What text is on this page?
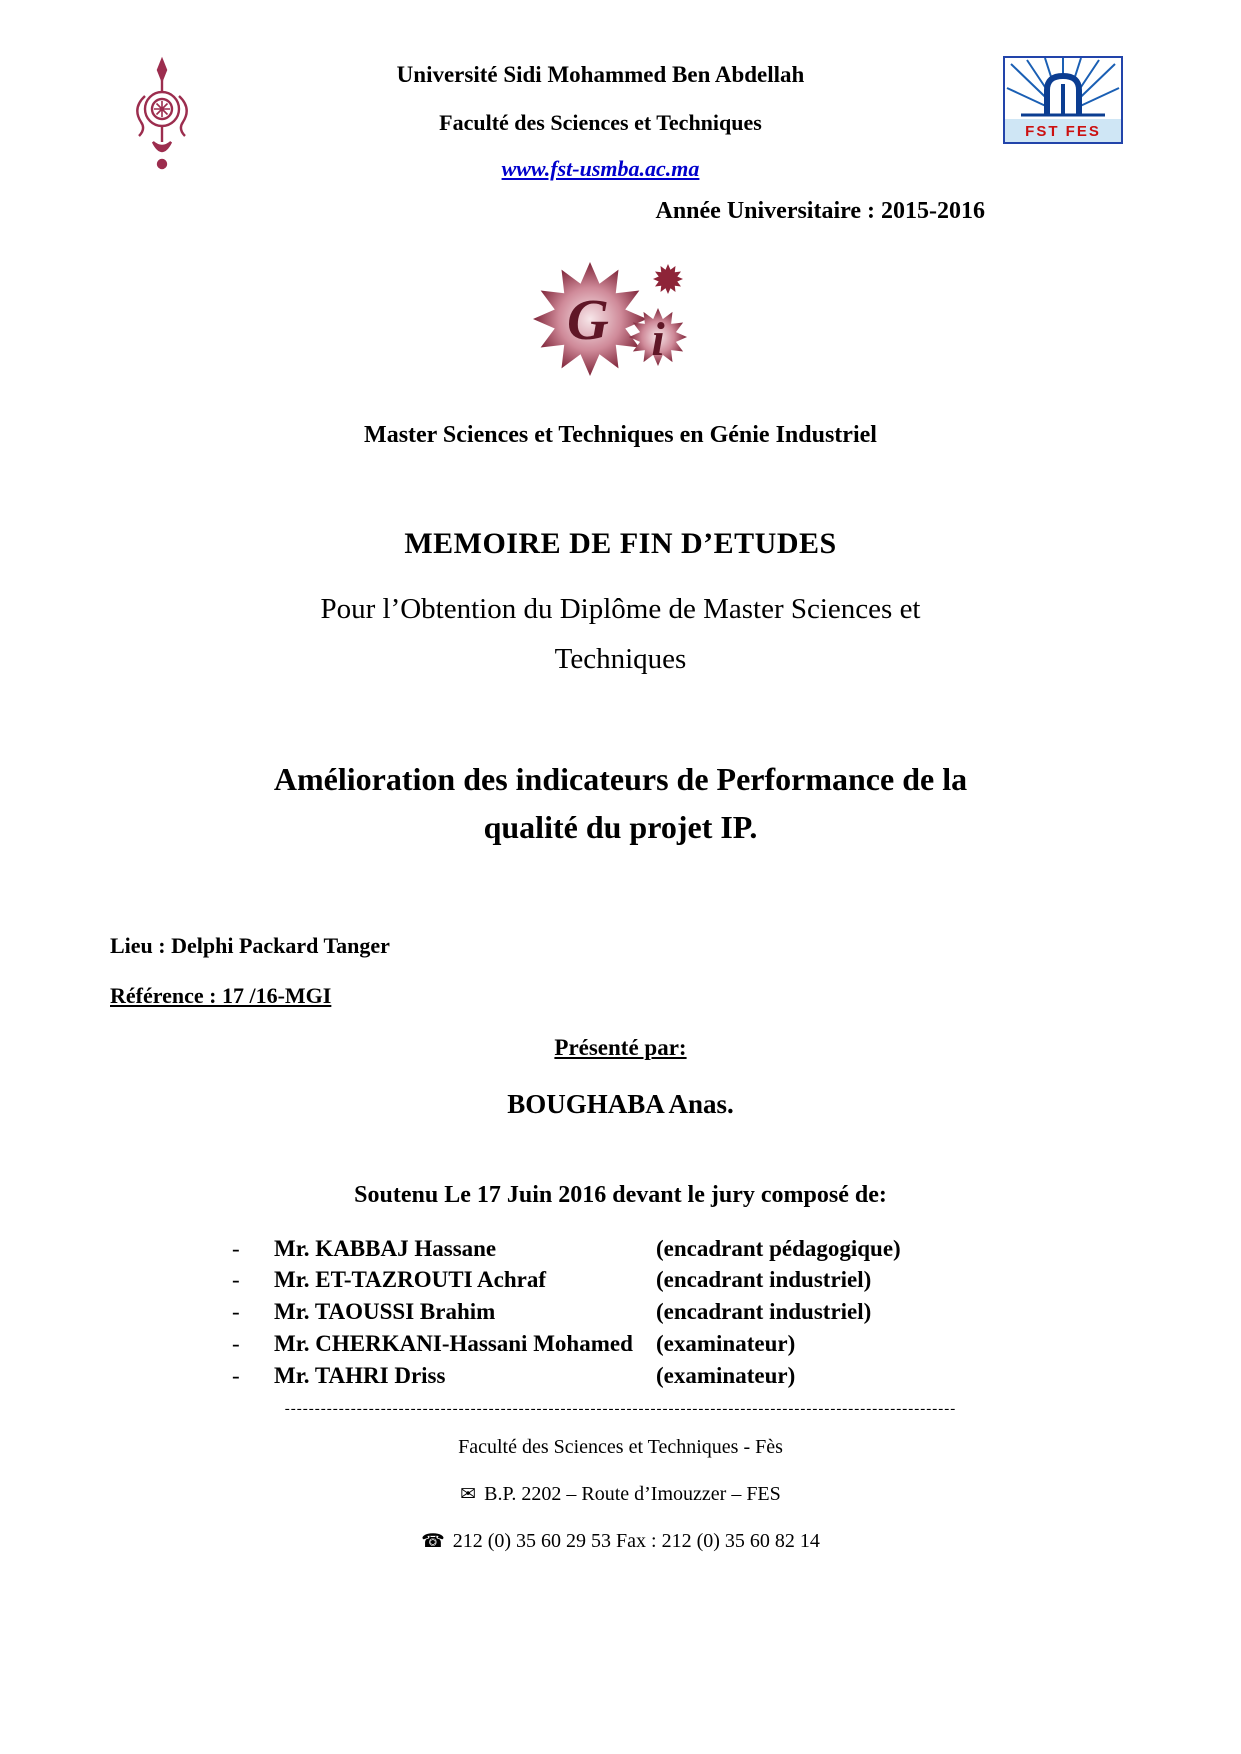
Université Sidi Mohammed Ben Abdellah
Faculté des Sciences et Techniques
www.fst-usmba.ac.ma
FST FES
Année Universitaire : 2015-2016
G i
Master Sciences et Techniques en Génie Industriel
MEMOIRE DE FIN D’ETUDES
Pour l’Obtention du Diplôme de Master Sciences et
Techniques
Amélioration des indicateurs de Performance de la
qualité du projet IP.
Lieu : Delphi Packard Tanger
Référence : 17 /16-MGI
Présenté par:
BOUGHABA Anas.
Soutenu Le 17 Juin 2016 devant le jury composé de:
-	Mr. KABBAJ Hassane	(encadrant pédagogique)
-	Mr. ET-TAZROUTI Achraf	(encadrant industriel)
-	Mr. TAOUSSI Brahim	(encadrant industriel)
-	Mr. CHERKANI-Hassani Mohamed	(examinateur)
-	Mr. TAHRI Driss	(examinateur)
----------------------------------------------------------------------------------------------------------------
Faculté des Sciences et Techniques - Fès
✉ B.P. 2202 – Route d’Imouzzer – FES
☎ 212 (0) 35 60 29 53 Fax : 212 (0) 35 60 82 14
